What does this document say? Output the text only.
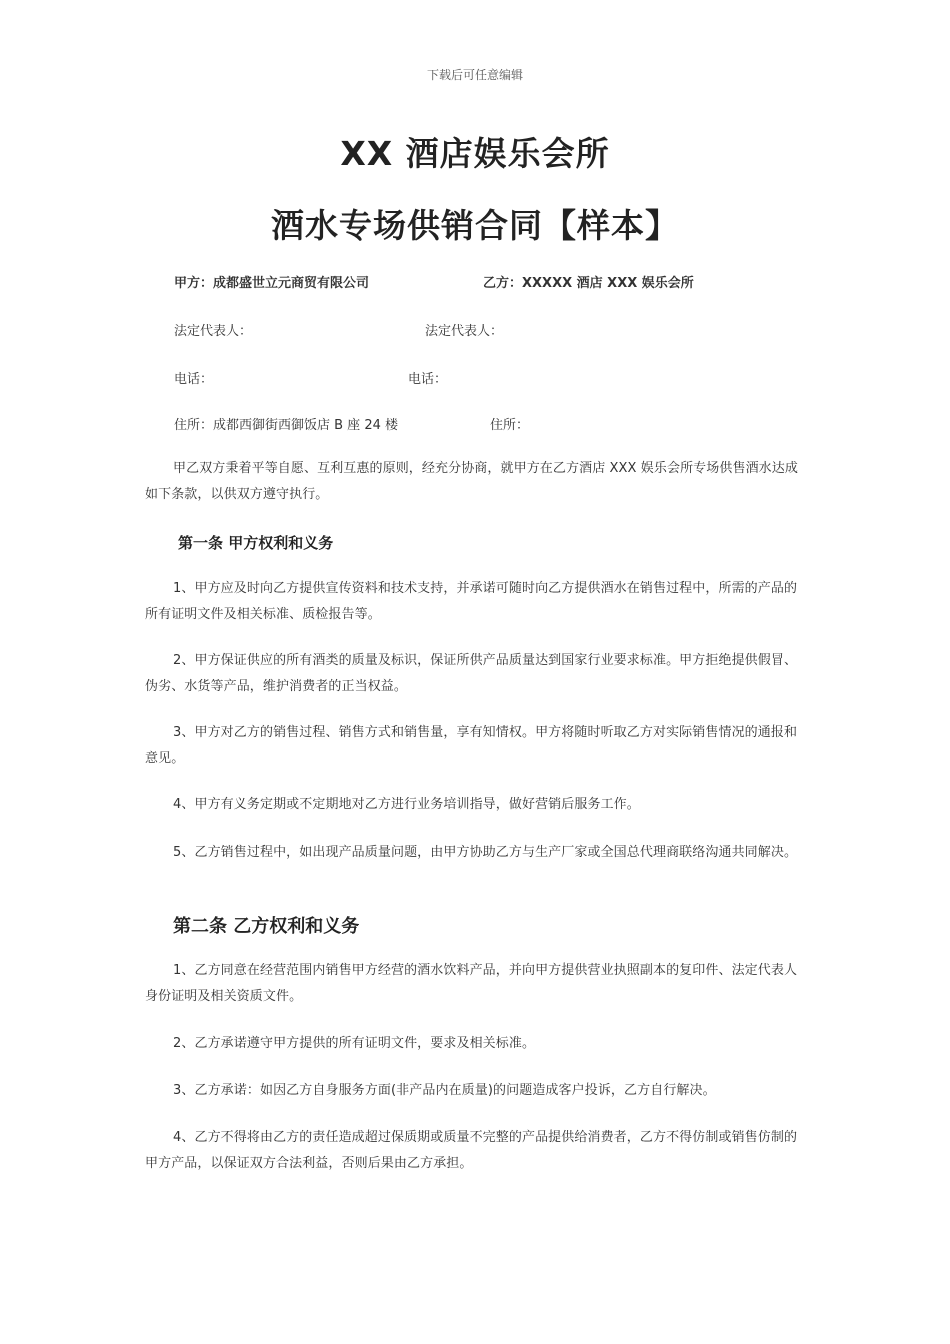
下载后可任意编辑
XX 酒店娱乐会所
酒水专场供销合同【样本】
甲方：成都盛世立元商贸有限公司	乙方：XXXXX 酒店 XXX 娱乐会所
法定代表人：	法定代表人：
电话：	电话：
住所：成都西御街西御饭店 B 座 24 楼	住所：
甲乙双方秉着平等自愿、互利互惠的原则，经充分协商，就甲方在乙方酒店 XXX 娱乐会所专场供售酒水达成如下条款，以供双方遵守执行。
第一条 甲方权利和义务
1、甲方应及时向乙方提供宣传资料和技术支持，并承诺可随时向乙方提供酒水在销售过程中，所需的产品的所有证明文件及相关标准、质检报告等。
2、甲方保证供应的所有酒类的质量及标识，保证所供产品质量达到国家行业要求标准。甲方拒绝提供假冒、伪劣、水货等产品，维护消费者的正当权益。
3、甲方对乙方的销售过程、销售方式和销售量，享有知情权。甲方将随时听取乙方对实际销售情况的通报和意见。
4、甲方有义务定期或不定期地对乙方进行业务培训指导，做好营销后服务工作。
5、乙方销售过程中，如出现产品质量问题，由甲方协助乙方与生产厂家或全国总代理商联络沟通共同解决。
第二条 乙方权利和义务
1、乙方同意在经营范围内销售甲方经营的酒水饮料产品，并向甲方提供营业执照副本的复印件、法定代表人身份证明及相关资质文件。
2、乙方承诺遵守甲方提供的所有证明文件，要求及相关标准。
3、乙方承诺：如因乙方自身服务方面(非产品内在质量)的问题造成客户投诉，乙方自行解决。
4、乙方不得将由乙方的责任造成超过保质期或质量不完整的产品提供给消费者，乙方不得仿制或销售仿制的甲方产品，以保证双方合法利益，否则后果由乙方承担。
